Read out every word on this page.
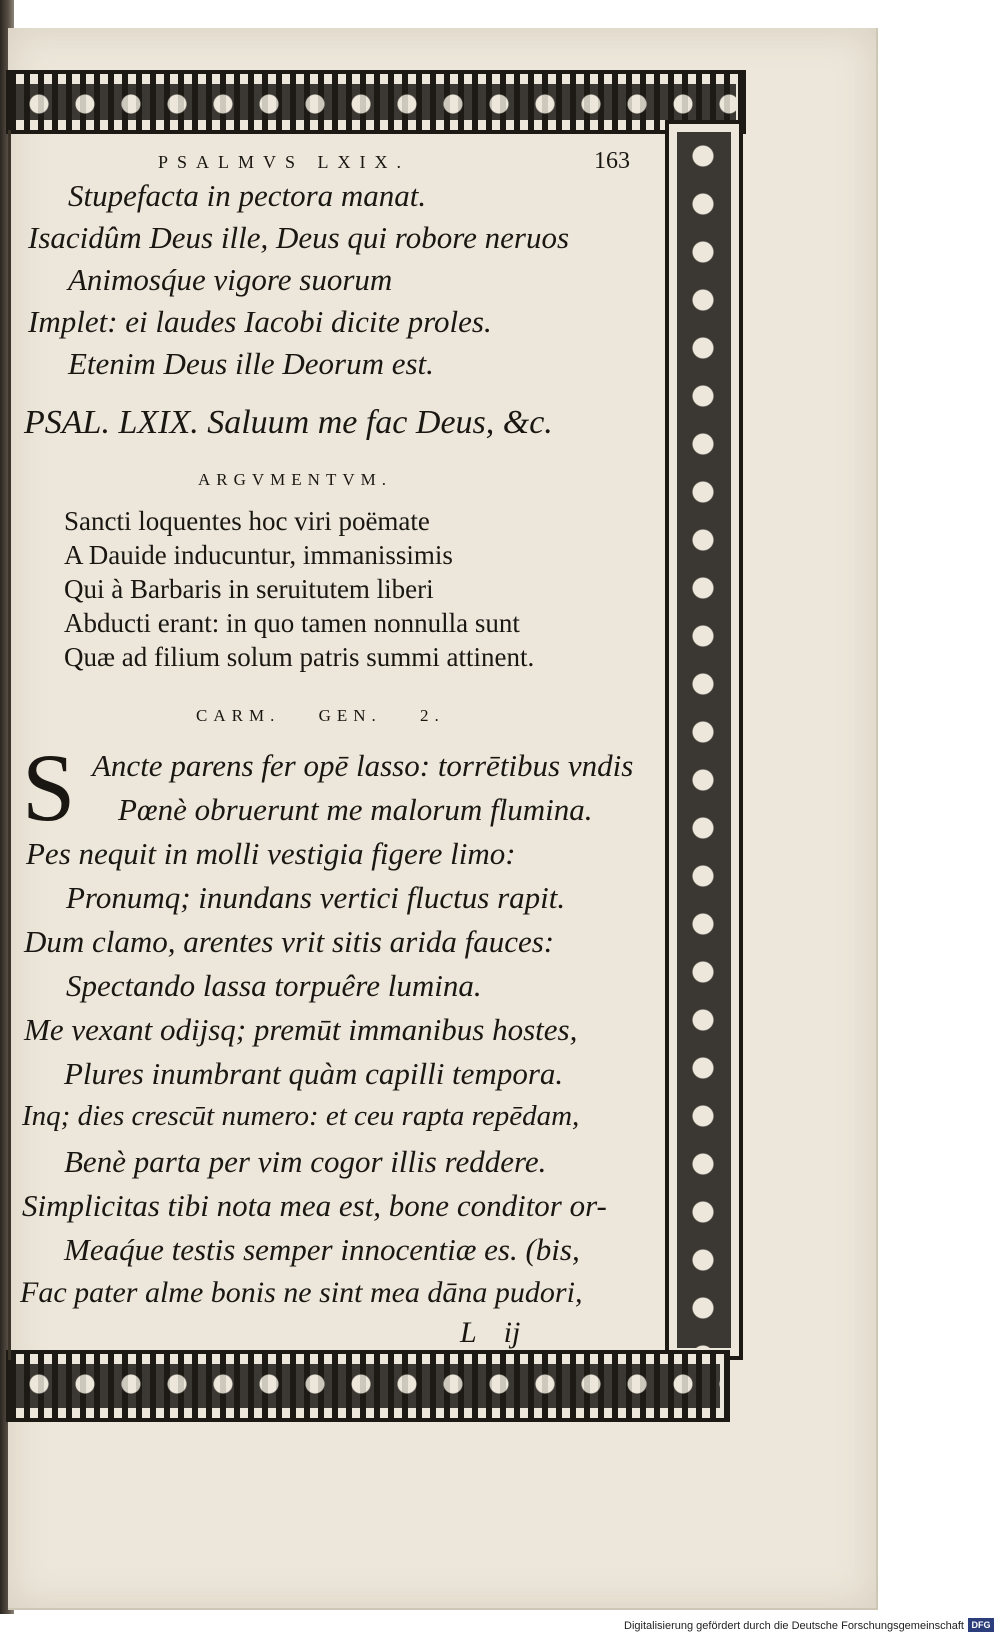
PSALMVS LXIX.	163
Stupefacta in pectora manat.
Isacidûm Deus ille, Deus qui robore neruos
Animosq́ue vigore suorum
Implet: ei laudes Iacobi dicite proles.
Etenim Deus ille Deorum est.
PSAL. LXIX. Saluum me fac Deus, &c.
ARGVMENTVM.
Sancti loquentes hoc viri poëmate
A Dauide inducuntur, immanissimis
Qui à Barbaris in seruitutem liberi
Abducti erant: in quo tamen nonnulla sunt
Quæ ad filium solum patris summi attinent.
CARM. GEN. 2.
S Ancte parens fer opē lasso: torrētibus vndis
Pœnè obruerunt me malorum flumina.
Pes nequit in molli vestigia figere limo:
Pronumq; inundans vertici fluctus rapit.
Dum clamo, arentes vrit sitis arida fauces:
Spectando lassa torpuêre lumina.
Me vexant odijsq; premūt immanibus hostes,
Plures inumbrant quàm capilli tempora.
Inq; dies crescūt numero: et ceu rapta repēdam,
Benè parta per vim cogor illis reddere.
Simplicitas tibi nota mea est, bone conditor or-
Meaq́ue testis semper innocentiæ es. (bis,
Fac pater alme bonis ne sint mea dāna pudori,
L ij
Digitalisierung gefördert durch die Deutsche Forschungsgemeinschaft DFG
